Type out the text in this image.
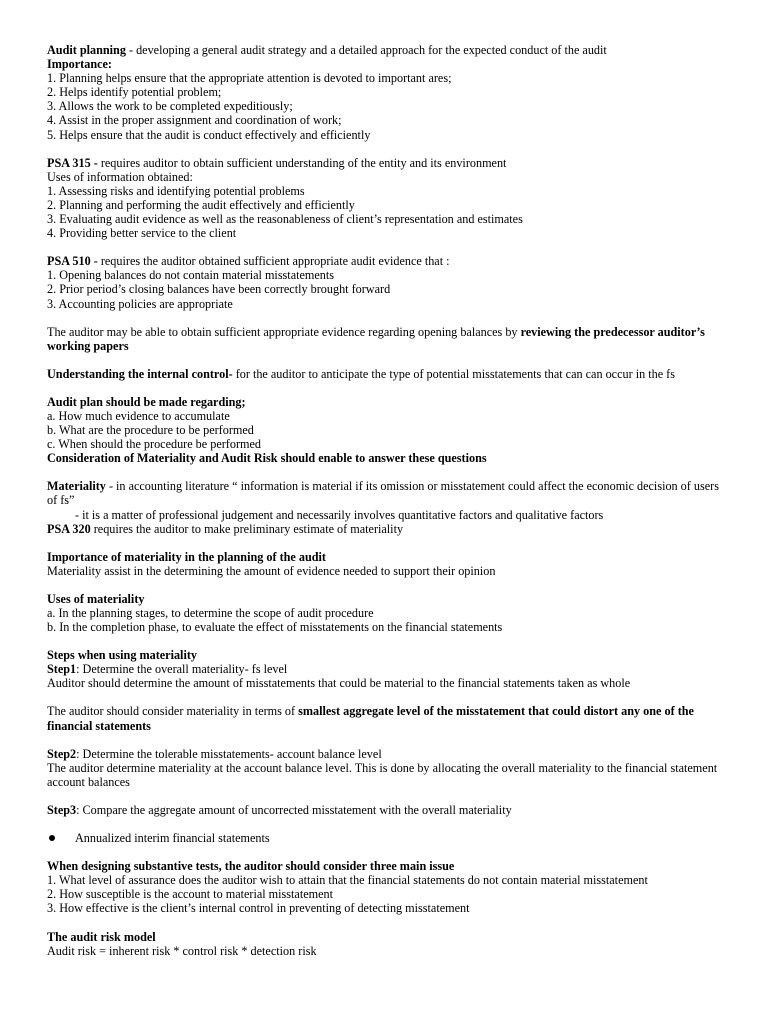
Audit planning - developing a general audit strategy and a detailed approach for the expected conduct of the audit
Importance:
1. Planning helps ensure that the appropriate attention is devoted to important ares;
2. Helps identify potential problem;
3. Allows the work to be completed expeditiously;
4. Assist in the proper assignment and coordination of work;
5. Helps ensure that the audit is conduct effectively and efficiently
PSA 315 - requires auditor to obtain sufficient understanding of the entity and its environment
Uses of information obtained:
1. Assessing risks and identifying potential problems
2. Planning and performing the audit effectively and efficiently
3. Evaluating audit evidence as well as the reasonableness of client’s representation and estimates
4. Providing better service to the client
PSA 510 - requires the auditor obtained sufficient appropriate audit evidence that :
1. Opening balances do not contain material misstatements
2. Prior period’s closing balances have been correctly brought forward
3. Accounting policies are appropriate
The auditor may be able to obtain sufficient appropriate evidence regarding opening balances by reviewing the predecessor auditor’s working papers
Understanding the internal control- for the auditor to anticipate the type of potential misstatements that can can occur in the fs
Audit plan should be made regarding;
a. How much evidence to accumulate
b. What are the procedure to be performed
c. When should the procedure be performed
Consideration of Materiality and Audit Risk should enable to answer these questions
Materiality - in accounting literature “ information is material if its omission or misstatement could affect the economic decision of users of fs”
- it is a matter of professional judgement and necessarily involves quantitative factors and qualitative factors
PSA 320 requires the auditor to make preliminary estimate of materiality
Importance of materiality in the planning of the audit
Materiality assist in the determining the amount of evidence needed to support their opinion
Uses of materiality
a. In the planning stages, to determine the scope of audit procedure
b. In the completion phase, to evaluate the effect of misstatements on the financial statements
Steps when using materiality
Step1: Determine the overall materiality- fs level
Auditor should determine the amount of misstatements that could be material to the financial statements taken as whole
The auditor should consider materiality in terms of smallest aggregate level of the misstatement that could distort any one of the financial statements
Step2: Determine the tolerable misstatements- account balance level
The auditor determine materiality at the account balance level. This is done by allocating the overall materiality to the financial statement account balances
Step3: Compare the aggregate amount of uncorrected misstatement with the overall materiality
Annualized interim financial statements
When designing substantive tests, the auditor should consider three main issue
1. What level of assurance does the auditor wish to attain that the financial statements do not contain material misstatement
2. How susceptible is the account to material misstatement
3. How effective is the client’s internal control in preventing of detecting misstatement
The audit risk model
Audit risk = inherent risk * control risk * detection risk
